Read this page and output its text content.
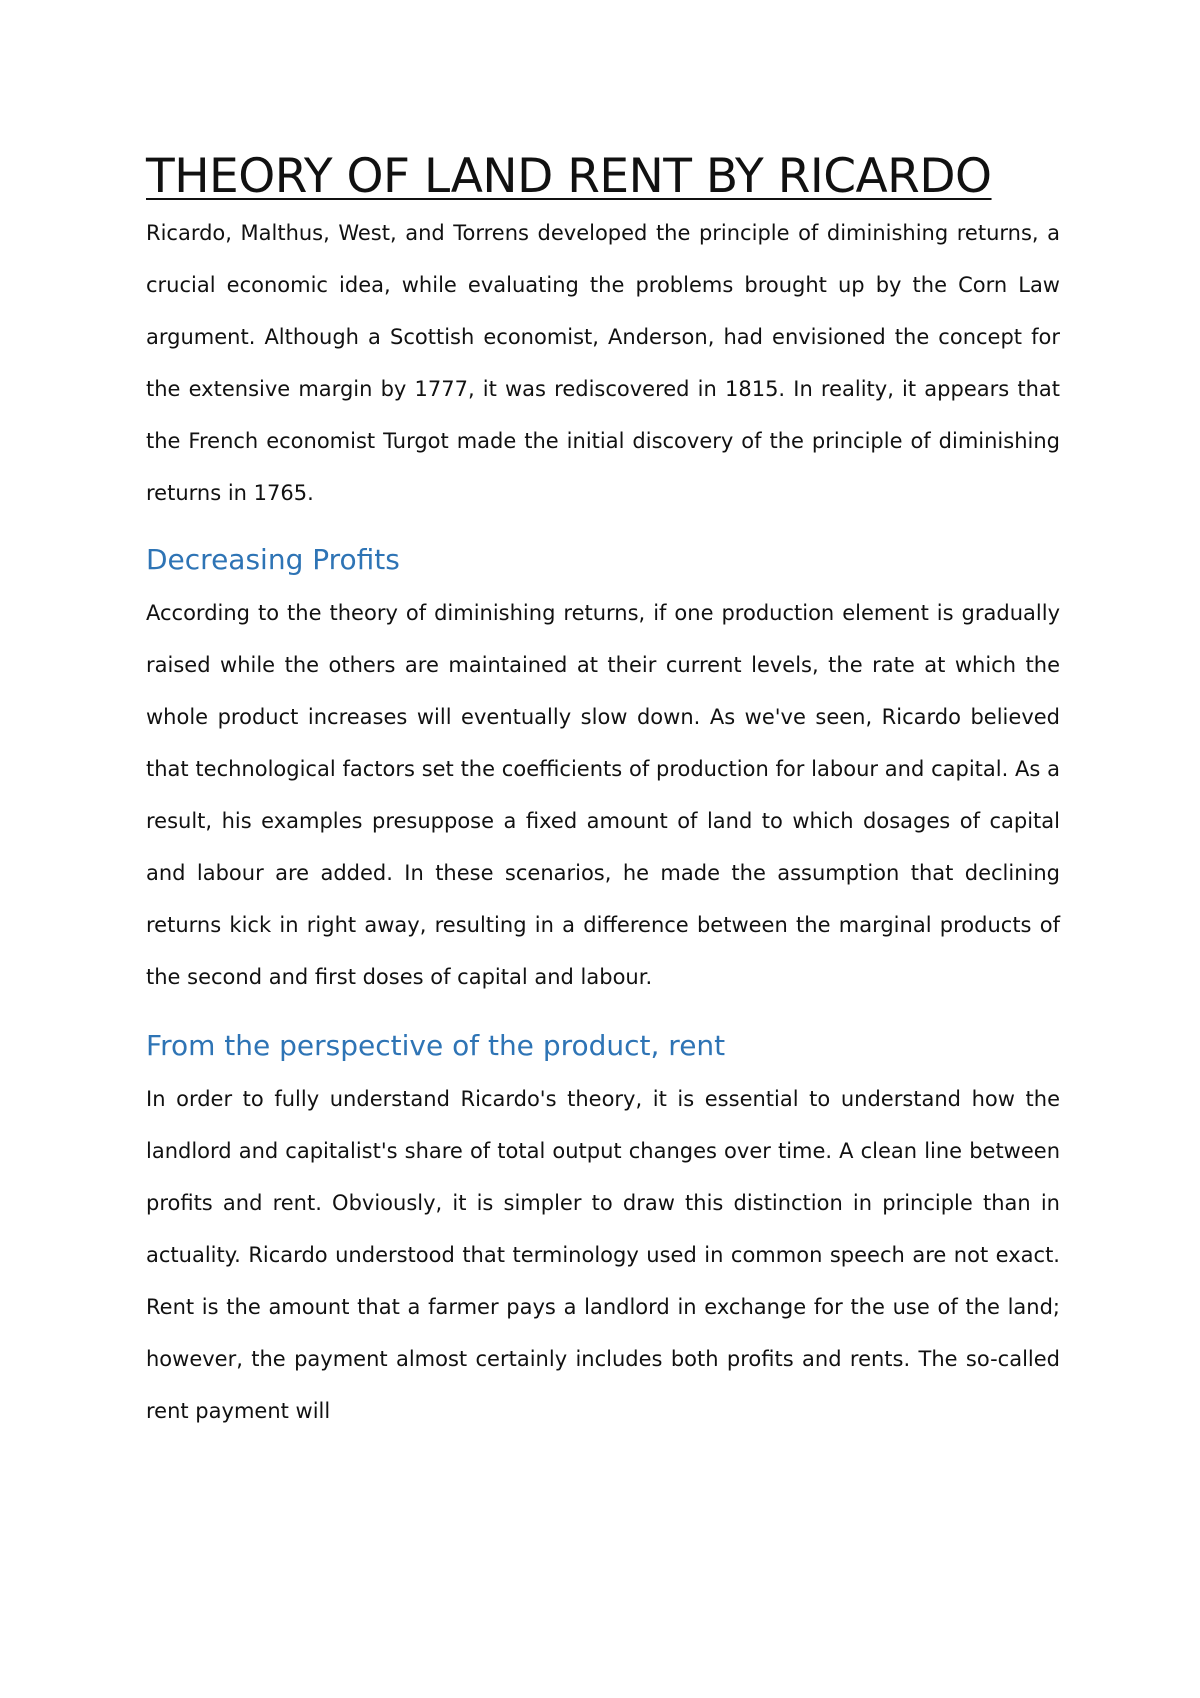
THEORY OF LAND RENT BY RICARDO

Ricardo, Malthus, West, and Torrens developed the principle of diminishing returns, a crucial economic idea, while evaluating the problems brought up by the Corn Law argument. Although a Scottish economist, Anderson, had envisioned the concept for the extensive margin by 1777, it was rediscovered in 1815. In reality, it appears that the French economist Turgot made the initial discovery of the principle of diminishing returns in 1765.

Decreasing Profits

According to the theory of diminishing returns, if one production element is gradually raised while the others are maintained at their current levels, the rate at which the whole product increases will eventually slow down. As we've seen, Ricardo believed that technological factors set the coefficients of production for labour and capital. As a result, his examples presuppose a fixed amount of land to which dosages of capital and labour are added. In these scenarios, he made the assumption that declining returns kick in right away, resulting in a difference between the marginal products of the second and first doses of capital and labour.

From the perspective of the product, rent

In order to fully understand Ricardo's theory, it is essential to understand how the landlord and capitalist's share of total output changes over time. A clean line between profits and rent. Obviously, it is simpler to draw this distinction in principle than in actuality. Ricardo understood that terminology used in common speech are not exact. Rent is the amount that a farmer pays a landlord in exchange for the use of the land; however, the payment almost certainly includes both profits and rents. The so-called rent payment will
